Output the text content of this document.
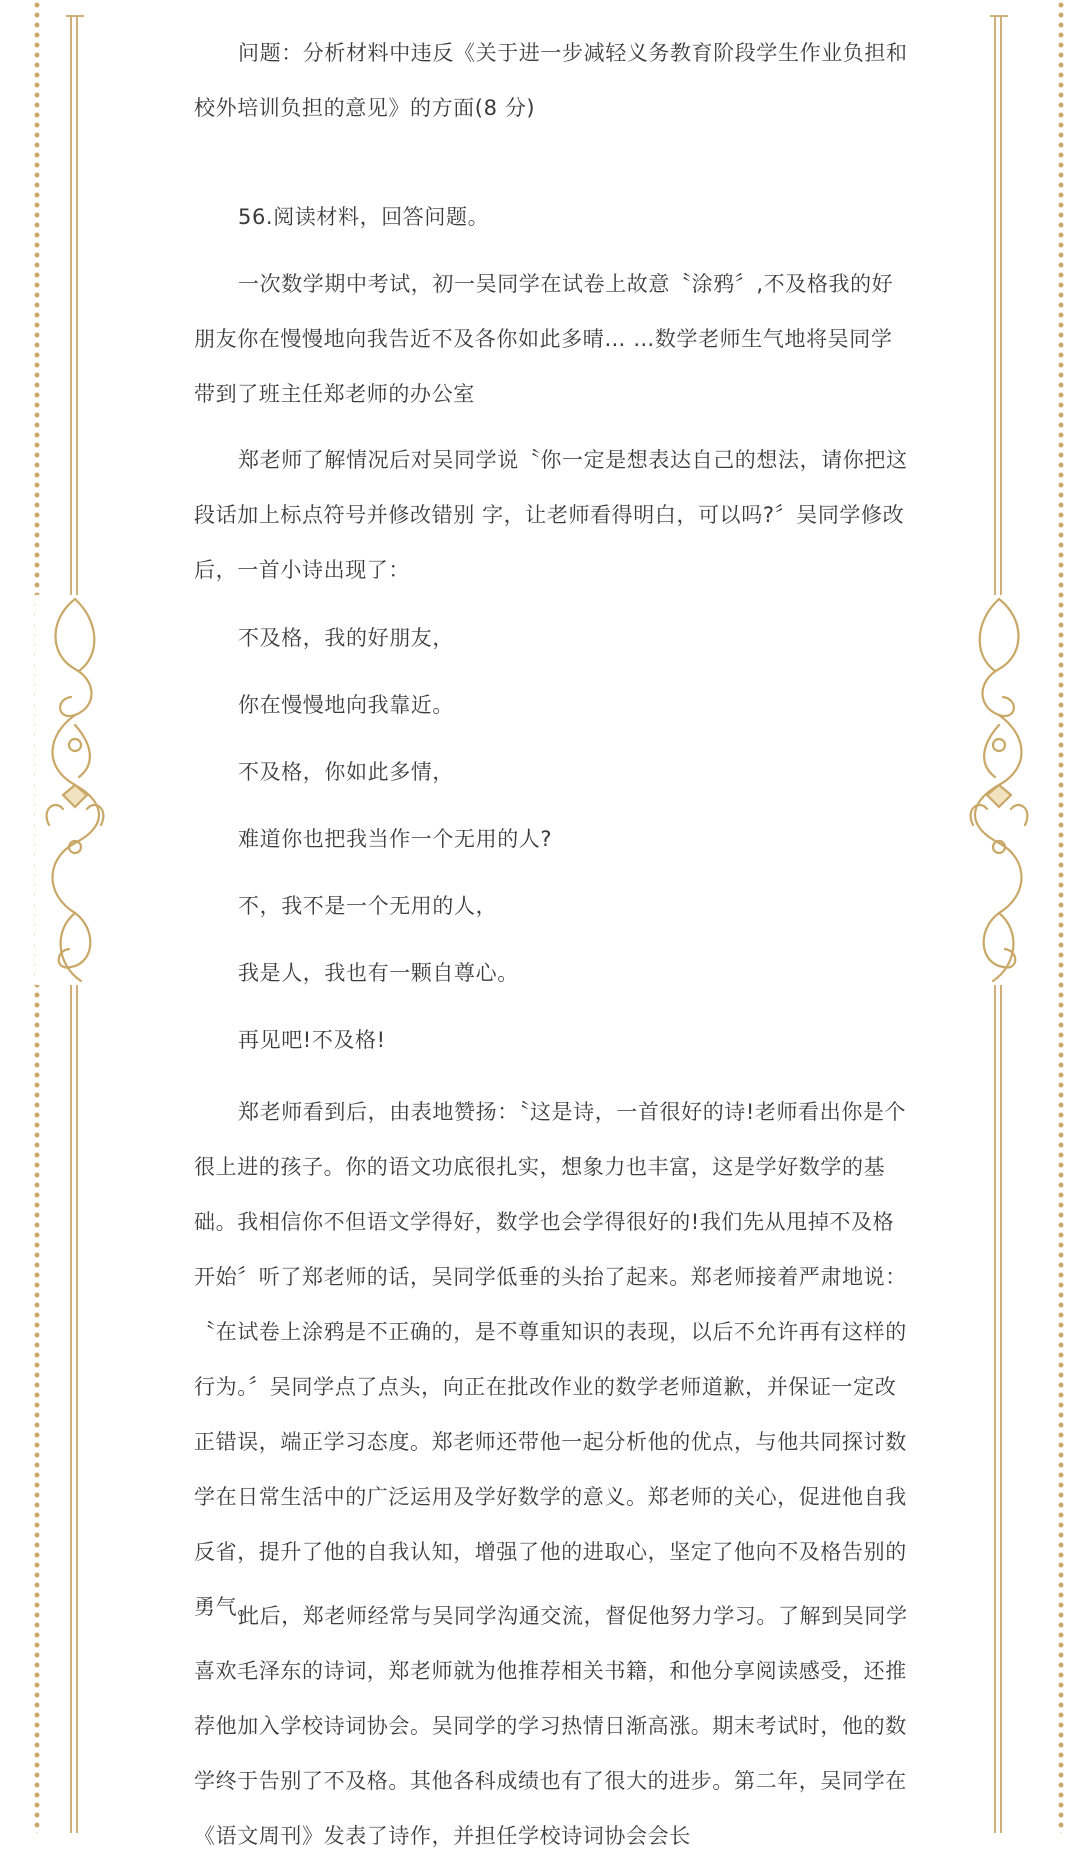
问题：分析材料中违反《关于进一步减轻义务教育阶段学生作业负担和校外培训负担的意见》的方面(8 分)

56.阅读材料，回答问题。

一次数学期中考试，初一吴同学在试卷上故意〝涂鸦〞,不及格我的好朋友你在慢慢地向我告近不及各你如此多晴… …数学老师生气地将吴同学带到了班主任郑老师的办公室

郑老师了解情况后对吴同学说〝你一定是想表达自己的想法，请你把这段话加上标点符号并修改错别 字，让老师看得明白，可以吗?〞吴同学修改后，一首小诗出现了：

不及格，我的好朋友，
你在慢慢地向我靠近。
不及格，你如此多情，
难道你也把我当作一个无用的人?
不，我不是一个无用的人，
我是人，我也有一颗自尊心。
再见吧!不及格!

郑老师看到后，由表地赞扬：〝这是诗，一首很好的诗!老师看出你是个很上进的孩子。你的语文功底很扎实，想象力也丰富，这是学好数学的基础。我相信你不但语文学得好，数学也会学得很好的!我们先从甩掉不及格开始〞听了郑老师的话，吴同学低垂的头抬了起来。郑老师接着严肃地说：〝在试卷上涂鸦是不正确的，是不尊重知识的表现，以后不允许再有这样的行为。〞吴同学点了点头，向正在批改作业的数学老师道歉，并保证一定改正错误，端正学习态度。郑老师还带他一起分析他的优点，与他共同探讨数学在日常生活中的广泛运用及学好数学的意义。郑老师的关心，促进他自我反省，提升了他的自我认知，增强了他的进取心，坚定了他向不及格告别的勇气。

此后，郑老师经常与吴同学沟通交流，督促他努力学习。了解到吴同学喜欢毛泽东的诗词，郑老师就为他推荐相关书籍，和他分享阅读感受，还推荐他加入学校诗词协会。吴同学的学习热情日渐高涨。期末考试时，他的数学终于告别了不及格。其他各科成绩也有了很大的进步。第二年，吴同学在《语文周刊》发表了诗作，并担任学校诗词协会会长
